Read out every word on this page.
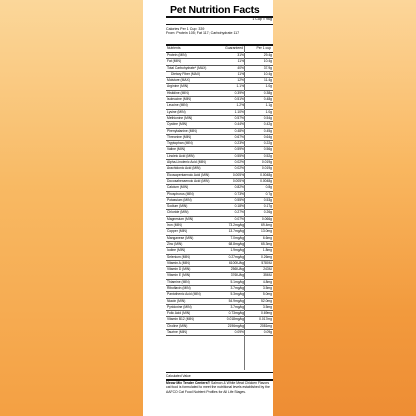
Pet Nutrition Facts
1 Cup = 96g
Calories Per 1 Cup: 339
From: Protein 105; Fat 117; Carbohydrate 117
Nutrients	Guaranteed	Per 1 cup
Protein (MIN)	31%	29.4g
Fat (MIN)	11%	10.4g
Total Carbohydrate* (MAX)	40%	37.9g
Dietary Fiber (MAX)	11%	10.4g
Moisture (MAX)	12%	11.4g
Arginine (MIN)	1.1%	1.0g
Histidine (MIN)	0.39%	0.38g
Isoleucine (MIN)	0.51%	0.48g
Leucine (MIN)	1.2%	1.1g
Lysine (MIN)	1.10%	1.0g
Methionine (MIN)	0.57%	0.54g
Cystine (MIN)	0.44%	0.42g
Phenylalanine (MIN)	0.48%	0.45g
Threonine (MIN)	0.67%	0.64g
Tryptophan (MIN)	0.23%	0.22g
Valine (MIN)	0.59%	0.56g
Linoleic Acid (MIN)	0.55%	0.52g
Alpha-Linolenic Acid (MIN)	0.02%	0.019g
Arachidonic Acid (MIN)	0.02%	0.019g
Eicosapentaenoic Acid (MIN)	0.005%	0.0048g
Docosahexaenoic Acid (MIN)	0.005%	0.0048g
Calcium (MIN)	0.82%	0.8g
Phosphorus (MIN)	0.73%	0.7g
Potassium (MIN)	0.55%	0.53g
Sodium (MIN)	0.18%	0.17g
Chloride (MIN)	0.27%	0.26g
Magnesium (MIN)	0.07%	0.066g
Iron (MIN)	73.2mg/kg	69.4mg
Copper (MIN)	13.7mg/kg	13.0mg
Manganese (MIN)	7.0mg/kg	6.6mg
Zinc (MIN)	68.8mg/kg	65.3mg
Iodine (MIN)	1.9mg/kg	1.8mg
Selenium (MIN)	0.27mg/kg	0.26mg
Vitamin A (MIN)	6100IU/kg	5780IU
Vitamin D (MIN)	256IU/kg	243IU
Vitamin E (MIN)	376IU/kg	356IU
Thiamine (MIN)	5.1mg/kg	4.8mg
Riboflavin (MIN)	3.7mg/kg	3.5mg
Pantothenic Acid (MIN)	5.3mg/kg	5.0mg
Niacin (MIN)	54.9mg/kg	52.0mg
Pyridoxine (MIN)	3.7mg/kg	3.5mg
Folic Acid (MIN)	0.73mg/kg	0.69mg
Vitamin B12 (MIN)	0.018mg/kg	0.017mg
Choline (MIN)	2196mg/kg	2081mg
Taurine (MIN)	0.09%	0.09g
Calculated Value
Meow Mix Tender Centers® Salmon & White Meat Chicken Flavors cat food is formulated to meet the nutritional levels established by the AAFCO Cat Food Nutrient Profiles for All Life Stages.
